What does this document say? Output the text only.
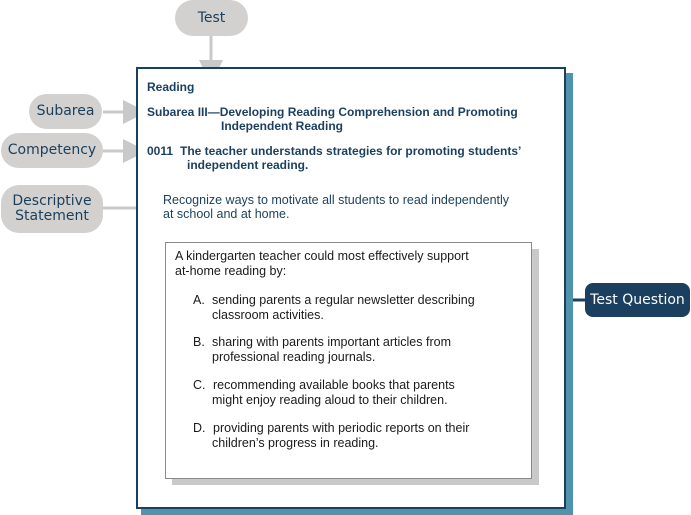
Test
Subarea
Competency
Descriptive
Statement
Test Question
Reading
Subarea III—Developing Reading Comprehension and Promoting
Independent Reading
0011 The teacher understands strategies for promoting students’
independent reading.
Recognize ways to motivate all students to read independently
at school and at home.
A kindergarten teacher could most effectively support
at-home reading by:
A. sending parents a regular newsletter describing
classroom activities.
B. sharing with parents important articles from
professional reading journals.
C. recommending available books that parents
might enjoy reading aloud to their children.
D. providing parents with periodic reports on their
children’s progress in reading.
